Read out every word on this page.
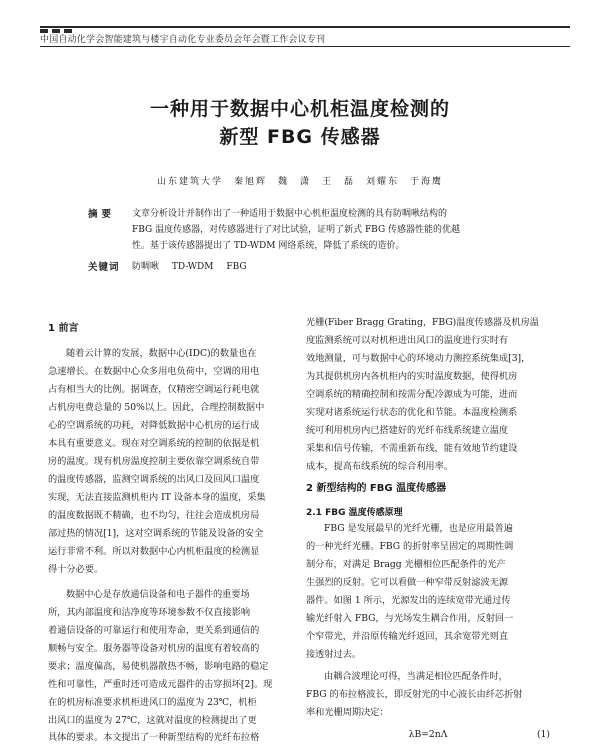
中国自动化学会智能建筑与楼宇自动化专业委员会年会暨工作会议专刊
一种用于数据中心机柜温度检测的
新型 FBG 传感器
山东建筑大学　秦旭辉　魏　潇　王　磊　刘耀东　于海鹰
摘要 文章分析设计并制作出了一种适用于数据中心机柜温度检测的具有防啁啾结构的
FBG 温度传感器，对传感器进行了对比试验，证明了新式 FBG 传感器性能的优越
性。基于该传感器提出了 TD-WDM 网络系统，降低了系统的造价。
关键词 防啁啾 TD-WDM FBG
1 前言
随着云计算的发展，数据中心(IDC)的数量也在
急速增长。在数据中心众多用电负荷中，空调的用电
占有相当大的比例。据调查，仅精密空调运行耗电就
占机房电费总量的 50%以上。因此，合理控制数据中
心的空调系统的功耗，对降低数据中心机房的运行成
本具有重要意义。现在对空调系统的控制的依据是机
房的温度。现有机房温度控制主要依靠空调系统自带
的温度传感器，监测空调系统的出风口及回风口温度
实现，无法直接监测机柜内 IT 设备本身的温度，采集
的温度数据既不精确，也不均匀，往往会造成机房局
部过热的情况[1]，这对空调系统的节能及设备的安全
运行非常不利。所以对数据中心内机柜温度的检测显
得十分必要。
数据中心是存放通信设备和电子器件的重要场
所，其内部温度和洁净度等环境参数不仅直接影响
着通信设备的可靠运行和使用寿命，更关系到通信的
顺畅与安全。服务器等设备对机房的温度有着较高的
要求；温度偏高，易使机器散热不畅，影响电路的稳定
性和可靠性，严重时还可造成元器件的击穿损坏[2]。现
在的机房标准要求机柜进风口的温度为 23℃，机柜
出风口的温度为 27℃，这就对温度的检测提出了更
具体的要求。本文提出了一种新型结构的光纤布拉格
光栅(Fiber Bragg Grating，FBG)温度传感器及机房温
度监测系统可以对机柜进出风口的温度进行实时有
效地测量，可与数据中心的环境动力测控系统集成[3]，
为其提供机房内各机柜内的实时温度数据，使得机房
空调系统的精确控制和按需分配冷源成为可能，进而
实现对诸系统运行状态的优化和节能。本温度检测系
统可利用机房内已搭建好的光纤布线系统建立温度
采集和信号传输，不需重新布线，能有效地节约建设
成本，提高布线系统的综合利用率。
2 新型结构的 FBG 温度传感器
2.1 FBG 温度传感原理
FBG 是发展最早的光纤光栅，也是应用最普遍
的一种光纤光栅。FBG 的折射率呈固定的周期性调
制分布，对满足 Bragg 光栅相位匹配条件的光产
生强烈的反射。它可以看做一种窄带反射滤波无源
器件。如图 1 所示，光源发出的连续宽带光通过传
输光纤射入 FBG，与光场发生耦合作用，反射回一
个窄带光，并沿原传输光纤返回，其余宽带光则直
接透射过去。
由耦合波理论可得，当满足相位匹配条件时，
FBG 的布拉格波长，即反射光的中心波长由纤芯折射
率和光栅周期决定：
λB=2nΛ	(1)
